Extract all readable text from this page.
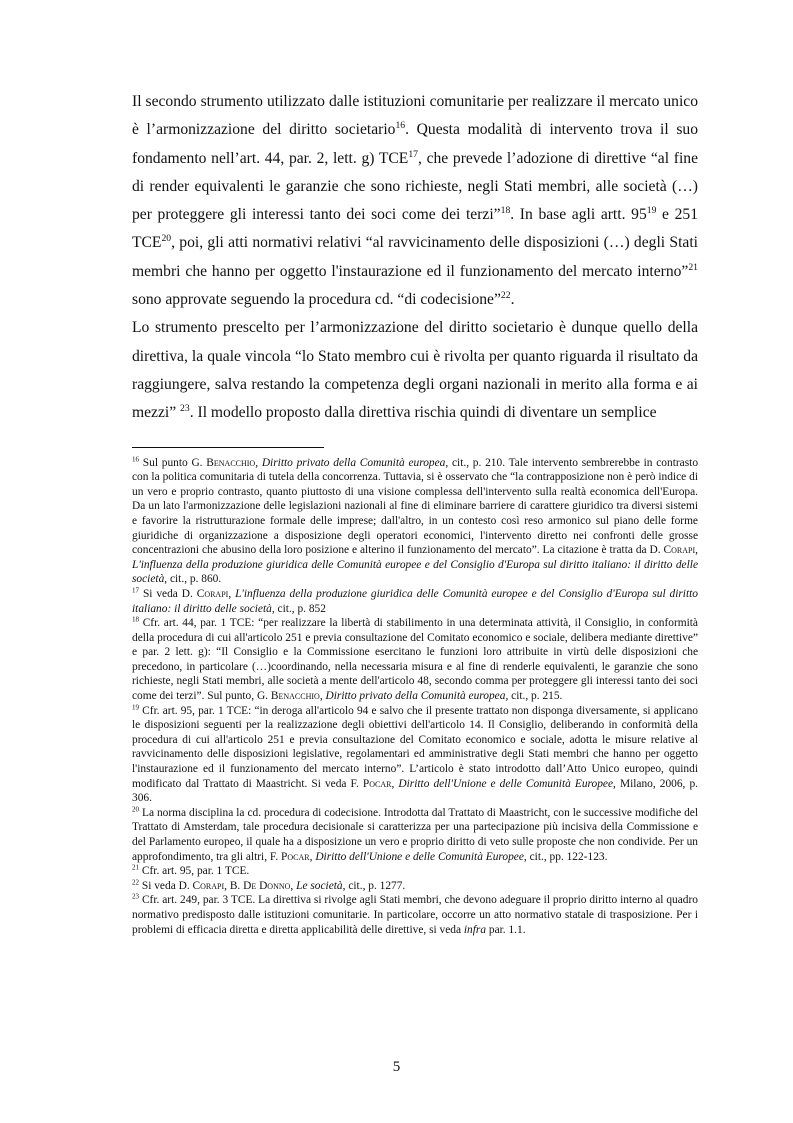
Il secondo strumento utilizzato dalle istituzioni comunitarie per realizzare il mercato unico è l’armonizzazione del diritto societario$^{16}$. Questa modalità di intervento trova il suo fondamento nell’art. 44, par. 2, lett. g) TCE$^{17}$, che prevede l’adozione di direttive “al fine di render equivalenti le garanzie che sono richieste, negli Stati membri, alle società (…) per proteggere gli interessi tanto dei soci come dei terzi”$^{18}$. In base agli artt. $95^{19}$ e 251 TCE$^{20}$, poi, gli atti normativi relativi “al ravvicinamento delle disposizioni (…) degli Stati membri che hanno per oggetto l'instaurazione ed il funzionamento del mercato interno”$^{21}$ sono approvate seguendo la procedura cd. “di codecisione”$^{22}$.

Lo strumento prescelto per l’armonizzazione del diritto societario è dunque quello della direttiva, la quale vincola “lo Stato membro cui è rivolta per quanto riguarda il risultato da raggiungere, salva restando la competenza degli organi nazionali in merito alla forma e ai mezzi” $^{23}$. Il modello proposto dalla direttiva rischia quindi di diventare un semplice

$^{16}$ Sul punto G. Benacchio, Diritto privato della Comunità europea, cit., p. 210. Tale intervento sembrerebbe in contrasto con la politica comunitaria di tutela della concorrenza. Tuttavia, si è osservato che “la contrapposizione non è però indice di un vero e proprio contrasto, quanto piuttosto di una visione complessa dell'intervento sulla realtà economica dell'Europa. Da un lato l'armonizzazione delle legislazioni nazionali al fine di eliminare barriere di carattere giuridico tra diversi sistemi e favorire la ristrutturazione formale delle imprese; dall'altro, in un contesto così reso armonico sul piano delle forme giuridiche di organizzazione a disposizione degli operatori economici, l'intervento diretto nei confronti delle grosse concentrazioni che abusino della loro posizione e alterino il funzionamento del mercato”. La citazione è tratta da D. Corapi, L'influenza della produzione giuridica delle Comunità europee e del Consiglio d'Europa sul diritto italiano: il diritto delle società, cit., p. 860.

$^{17}$ Si veda D. Corapi, L'influenza della produzione giuridica delle Comunità europee e del Consiglio d'Europa sul diritto italiano: il diritto delle società, cit., p. 852

$^{18}$ Cfr. art. 44, par. 1 TCE: “per realizzare la libertà di stabilimento in una determinata attività, il Consiglio, in conformità della procedura di cui all'articolo 251 e previa consultazione del Comitato economico e sociale, delibera mediante direttive” e par. 2 lett. g): “Il Consiglio e la Commissione esercitano le funzioni loro attribuite in virtù delle disposizioni che precedono, in particolare (…)coordinando, nella necessaria misura e al fine di renderle equivalenti, le garanzie che sono richieste, negli Stati membri, alle società a mente dell'articolo 48, secondo comma per proteggere gli interessi tanto dei soci come dei terzi”. Sul punto, G. Benacchio, Diritto privato della Comunità europea, cit., p. 215.

$^{19}$ Cfr. art. 95, par. 1 TCE: “in deroga all'articolo 94 e salvo che il presente trattato non disponga diversamente, si applicano le disposizioni seguenti per la realizzazione degli obiettivi dell'articolo 14. Il Consiglio, deliberando in conformità della procedura di cui all'articolo 251 e previa consultazione del Comitato economico e sociale, adotta le misure relative al ravvicinamento delle disposizioni legislative, regolamentari ed amministrative degli Stati membri che hanno per oggetto l'instaurazione ed il funzionamento del mercato interno”. L’articolo è stato introdotto dall’Atto Unico europeo, quindi modificato dal Trattato di Maastricht. Si veda F. Pocar, Diritto dell'Unione e delle Comunità Europee, Milano, 2006, p. 306.

$^{20}$ La norma disciplina la cd. procedura di codecisione. Introdotta dal Trattato di Maastricht, con le successive modifiche del Trattato di Amsterdam, tale procedura decisionale si caratterizza per una partecipazione più incisiva della Commissione e del Parlamento europeo, il quale ha a disposizione un vero e proprio diritto di veto sulle proposte che non condivide. Per un approfondimento, tra gli altri, F. Pocar, Diritto dell'Unione e delle Comunità Europee, cit., pp. 122-123.

$^{21}$ Cfr. art. 95, par. 1 TCE.

$^{22}$ Si veda D. Corapi, B. De Donno, Le società, cit., p. 1277.

$^{23}$ Cfr. art. 249, par. 3 TCE. La direttiva si rivolge agli Stati membri, che devono adeguare il proprio diritto interno al quadro normativo predisposto dalle istituzioni comunitarie. In particolare, occorre un atto normativo statale di trasposizione. Per i problemi di efficacia diretta e diretta applicabilità delle direttive, si veda infra par. 1.1.

5
